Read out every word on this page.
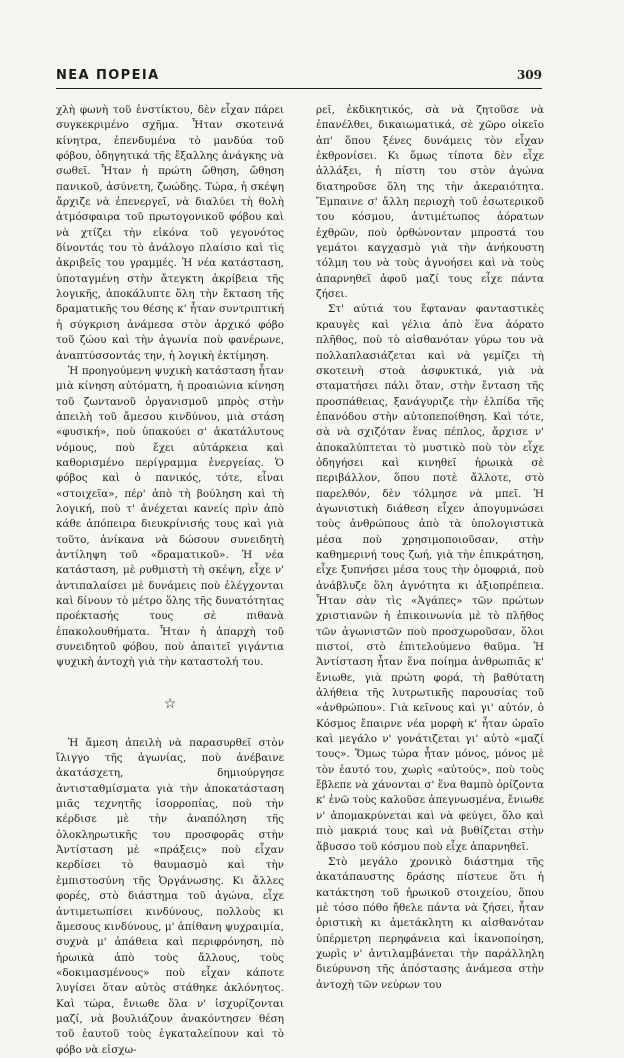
ΝΕΑ ΠΟΡΕΙΑ	309

χλὴ φωνὴ τοῦ ἐνστίκτου, δὲν εἶχαν πάρει συγκεκριμένο σχῆμα. Ἦταν σκοτεινά κίνητρα, ἐπενδυμένα τὸ μανδύα τοῦ φόβου, ὁδηγητικά τῆς ἔξαλλης ἀνάγκης νὰ σωθεῖ. Ἦταν ἡ πρώτη ὤθηση, ὤθηση πανικοῦ, ἀσύνετη, ζωώδης. Τώρα, ἡ σκέψη ἄρχιζε νὰ ἐπενεργεῖ, νὰ διαλύει τὴ θολὴ ἀτμόσφαιρα τοῦ πρωτογονικοῦ φόβου καὶ νὰ χτίζει τὴν εἰκόνα τοῦ γεγονότος δίνοντάς του τὸ ἀνάλογο πλαίσιο καὶ τὶς ἀκριβεῖς του γραμμές. Ἡ νέα κατάσταση, ὑποταγμένη στὴν ἄτεγκτη ἀκρίβεια τῆς λογικῆς, ἀποκάλυπτε ὅλη τὴν ἔκταση τῆς δραματικῆς του θέσης κ' ἦταν συντριπτική ἡ σύγκριση ἀνάμεσα στὸν ἀρχικό φόβο τοῦ ζώου καὶ τὴν ἀγωνία ποὺ φανέρωνε, ἀναπτύσσοντάς την, ἡ λογικὴ ἐκτίμηση.

Ἡ προηγούμενη ψυχικὴ κατάσταση ἦταν μιὰ κίνηση αὐτόματη, ἡ προαιώνια κίνηση τοῦ ζωντανοῦ ὀργανισμοῦ μπρὸς στὴν ἀπειλὴ τοῦ ἄμεσου κινδύνου, μιὰ στάση «φυσική», ποὺ ὑπακούει σ' ἀκατάλυτους νόμους, ποὺ ἔχει αὐτάρκεια καὶ καθορισμένο περίγραμμα ἐνεργείας. Ὁ φόβος καὶ ὁ πανικός, τότε, εἶναι «στοιχεῖα», πέρ' ἀπὸ τὴ βούληση καὶ τὴ λογική, ποὺ τ' ἀνέχεται κανείς πρὶν ἀπὸ κάθε ἀπόπειρα διευκρίνισής τους καὶ γιὰ τοῦτο, ἀνίκανα νὰ δώσουν συνειδητὴ ἀντίληψη τοῦ «δραματικοῦ». Ἡ νέα κατάσταση, μὲ ρυθμιστὴ τὴ σκέψη, εἶχε ν' ἀντιπαλαίσει μὲ δυνάμεις ποὺ ἐλέγχονται καὶ δίνουν τὸ μέτρο ὅλης τῆς δυνατότητας προέκτασής τους σὲ πιθανὰ ἐπακολουθήματα. Ἦταν ἡ ἀπαρχὴ τοῦ συνειδητοῦ φόβου, ποὺ ἀπαιτεῖ γιγάντια ψυχικὴ ἀντοχὴ γιὰ τὴν καταστολή του.

☆

Ἡ ἄμεση ἀπειλὴ νὰ παρασυρθεῖ στὸν ἴλιγγο τῆς ἀγωνίας, ποὺ ἀνέβαινε ἀκατάσχετη, δημιούργησε ἀντισταθμίσματα γιὰ τὴν ἀποκατάσταση μιᾶς τεχνητῆς ἰσορροπίας, ποὺ τὴν κέρδισε μὲ τὴν ἀναπόληση τῆς ὁλοκληρωτικῆς του προσφορᾶς στὴν Ἀντίσταση μὲ «πράξεις» ποὺ εἶχαν κερδίσει τὸ θαυμασμὸ καὶ τὴν ἐμπιστοσύνη τῆς Ὀργάνωσης. Κι ἄλλες φορές, στὸ διάστημα τοῦ ἀγώνα, εἶχε ἀντιμετωπίσει κινδύνους, πολλοὺς κι ἄμεσους κινδύνους, μ' ἀπίθανη ψυχραιμία, συχνὰ μ' ἀπάθεια καὶ περιφρόνηση, πὸ ἡρωικὰ ἀπὸ τοὺς ἄλλους, τοὺς «δοκιμασμένους» ποὺ εἶχαν κάποτε λυγίσει ὅταν αὐτὸς στάθηκε ἀκλόνητος. Καὶ τώρα, ἔνιωθε ὅλα ν' ἰσχυρίζονται μαζί, νὰ βουλιάζουν ἀνακόντησεν θέση τοῦ ἑαυτοῦ τοὺς ἐγκαταλείπουν καὶ τὸ φόβο νὰ εἰσχω-

ρεῖ, ἐκδικητικός, σὰ νὰ ζητοῦσε νὰ ἐπανέλθει, δικαιωματικά, σὲ χῶρο οἰκεῖο ἀπ' ὅπου ξένες δυνάμεις τὸν εἶχαν ἐκθρονίσει. Κι ὅμως τίποτα δὲν εἶχε ἀλλάξει, ἡ πίστη του στὸν ἀγώνα διατηροῦσε ὅλη της τὴν ἀκεραιότητα. Ἔμπαινε σ' ἄλλη περιοχὴ τοῦ ἐσωτερικοῦ του κόσμου, ἀντιμέτωπος ἀόρατων ἐχθρῶν, ποὺ ὀρθώνονταν μπροστά του γεμάτοι καγχασμὸ γιὰ τὴν ἀνήκουστη τόλμη του νὰ τοὺς ἀγνοήσει καὶ νὰ τοὺς ἀπαρνηθεῖ ἀφοῦ μαζί τους εἶχε πάντα ζήσει.

Στ' αὐτιά του ἔφταναν φανταστικὲς κραυγὲς καὶ γέλια ἀπὸ ἕνα ἀόρατο πλῆθος, ποὺ τὸ αἰσθανόταν γύρω του νὰ πολλαπλασιάζεται καὶ νὰ γεμίζει τὴ σκοτεινὴ στοὰ ἀσφυκτικά, γιὰ νὰ σταματήσει πάλι ὅταν, στὴν ἔνταση τῆς προσπάθειας, ξανάγυριζε τὴν ἐλπίδα τῆς ἐπανόδου στὴν αὐτοπεποίθηση. Καὶ τότε, σὰ νὰ σχιζόταν ἕνας πέπλος, ἄρχισε ν' ἀποκαλύπτεται τὸ μυστικὸ ποὺ τὸν εἶχε ὁδηγήσει καὶ κινηθεῖ ἡρωικὰ σὲ περιβάλλον, ὅπου ποτὲ ἄλλοτε, στὸ παρελθόν, δὲν τόλμησε νὰ μπεῖ. Ἡ ἀγωνιστικὴ διάθεση εἶχεν ἀπογυμνώσει τοὺς ἀνθρώπους ἀπὸ τὰ ὑπολογιστικὰ μέσα ποὺ χρησιμοποιοῦσαν, στὴν καθημερινή τους ζωή, γιὰ τὴν ἐπικράτηση, εἶχε ξυπνήσει μέσα τους τὴν ὁμοφριά, ποὺ ἀνάβλυζε ὅλη ἀγνότητα κι ἀξιοπρέπεια. Ἦταν σὰν τὶς «Ἀγάπες» τῶν πρώτων χριστιανῶν ἡ ἐπικοινωνία μὲ τὸ πλῆθος τῶν ἀγωνιστῶν ποὺ προσχωροῦσαν, ὅλοι πιστοί, στὸ ἐπιτελούμενο θαῦμα. Ἡ Ἀντίσταση ἦταν ἕνα ποίημα ἀνθρωπιᾶς κ' ἔνιωθε, γιὰ πρώτη φορά, τὴ βαθύτατη ἀλήθεια τῆς λυτρωτικῆς παρουσίας τοῦ «ἀνθρώπου». Γιὰ κεῖνους καὶ γι' αὐτόν, ὁ Κόσμος ἔπαιρνε νέα μορφὴ κ' ἦταν ὡραῖο καὶ μεγάλο ν' γονάτιζεται γι' αὐτὸ «μαζί τους». Ὅμως τώρα ἦταν μόνος, μόνος μὲ τὸν ἑαυτό του, χωρὶς «αὐτούς», ποὺ τοὺς ἔβλεπε νὰ χάνονται σ' ἕνα θαμπὸ ὁρίζοντα κ' ἐνῶ τοὺς καλοῦσε ἀπεγνωσμένα, ἔνιωθε ν' ἀπομακρύνεται καὶ νὰ φεύγει, ὅλο καὶ πιὸ μακριά τους καὶ νὰ βυθίζεται στὴν ἄβυσσο τοῦ κόσμου ποὺ εἶχε ἀπαρνηθεῖ.

Στὸ μεγάλο χρονικὸ διάστημα τῆς ἀκατάπαυστης δράσης πίστευε ὅτι ἡ κατάκτηση τοῦ ἡρωικοῦ στοιχείου, ὅπου μὲ τόσο πόθο ἤθελε πάντα νὰ ζήσει, ἦταν ὁριστικὴ κι ἀμετάκλητη κι αἰσθανόταν ὑπέρμετρη περηφάνεια καὶ ἱκανοποίηση, χωρὶς ν' ἀντιλαμβάνεται τὴν παράλληλη διεύρυνση τῆς ἀπόστασης ἀνάμεσα στὴν ἀντοχὴ τῶν νεύρων του
